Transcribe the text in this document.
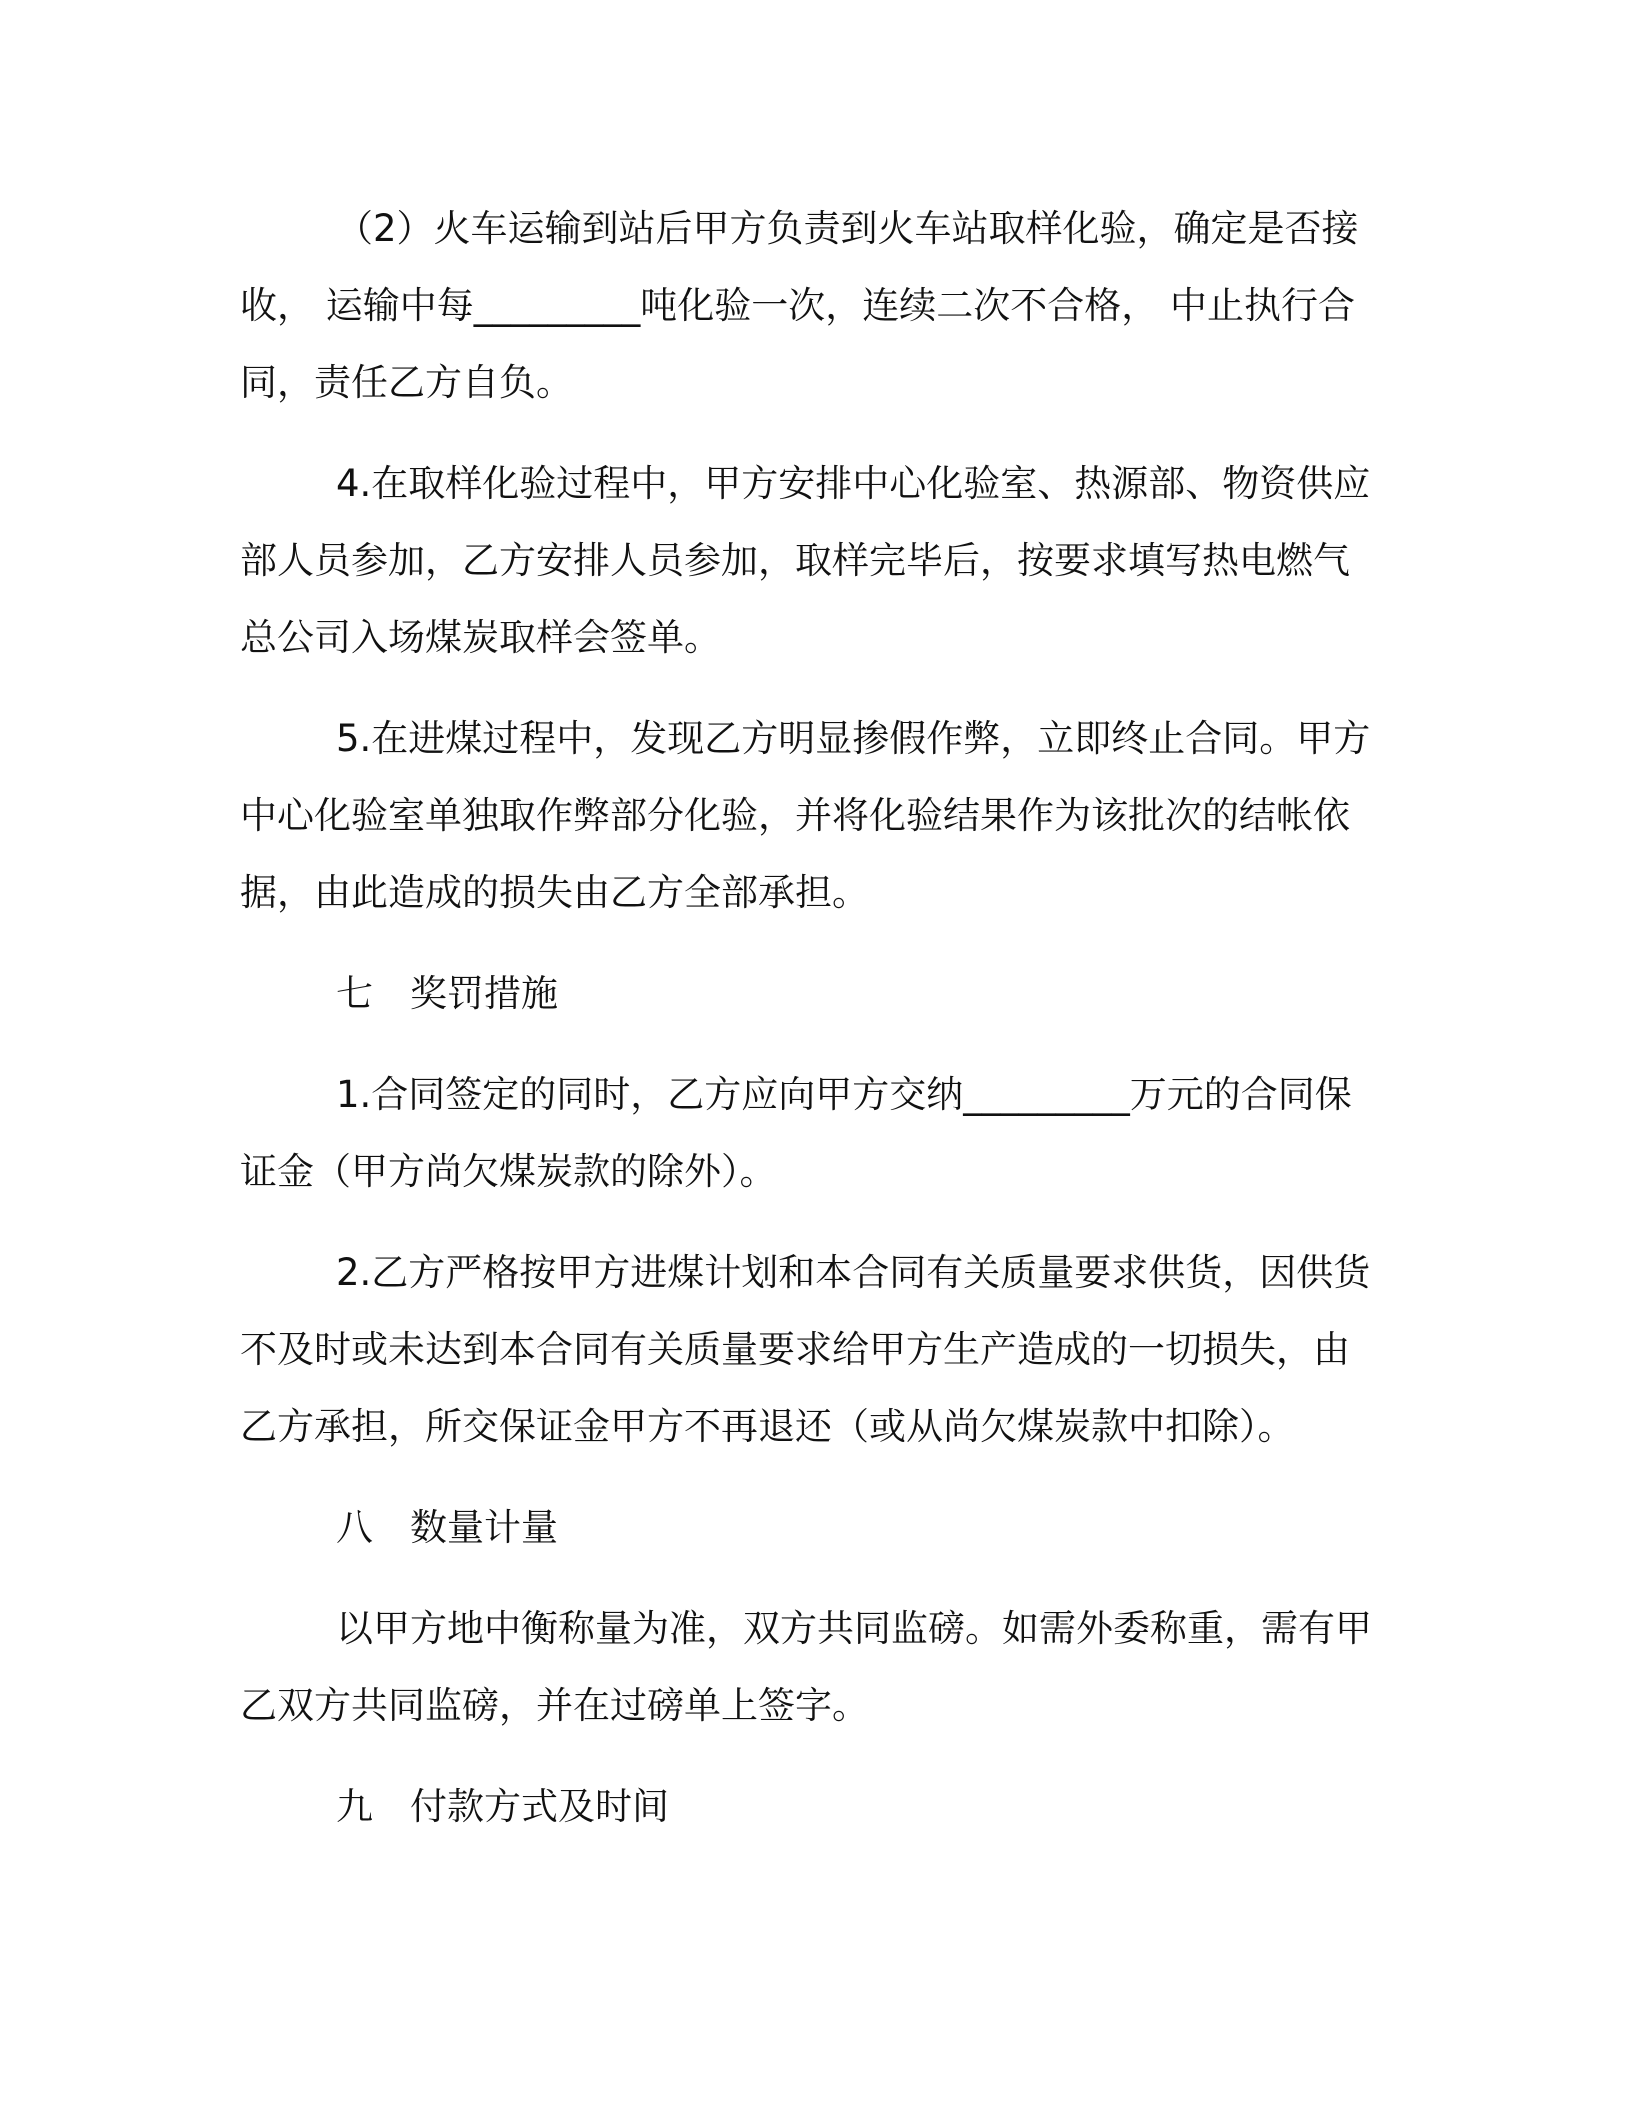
（2）火车运输到站后甲方负责到火车站取样化验，确定是否接收， 运输中每_________吨化验一次，连续二次不合格， 中止执行合同，责任乙方自负。

4.在取样化验过程中，甲方安排中心化验室、热源部、物资供应部人员参加，乙方安排人员参加，取样完毕后，按要求填写热电燃气总公司入场煤炭取样会签单。

5.在进煤过程中，发现乙方明显掺假作弊，立即终止合同。甲方中心化验室单独取作弊部分化验，并将化验结果作为该批次的结帐依据，由此造成的损失由乙方全部承担。

七　奖罚措施

1.合同签定的同时，乙方应向甲方交纳_________万元的合同保证金（甲方尚欠煤炭款的除外）。

2.乙方严格按甲方进煤计划和本合同有关质量要求供货，因供货不及时或未达到本合同有关质量要求给甲方生产造成的一切损失，由乙方承担，所交保证金甲方不再退还（或从尚欠煤炭款中扣除）。

八　数量计量

以甲方地中衡称量为准，双方共同监磅。如需外委称重，需有甲乙双方共同监磅，并在过磅单上签字。

九　付款方式及时间
